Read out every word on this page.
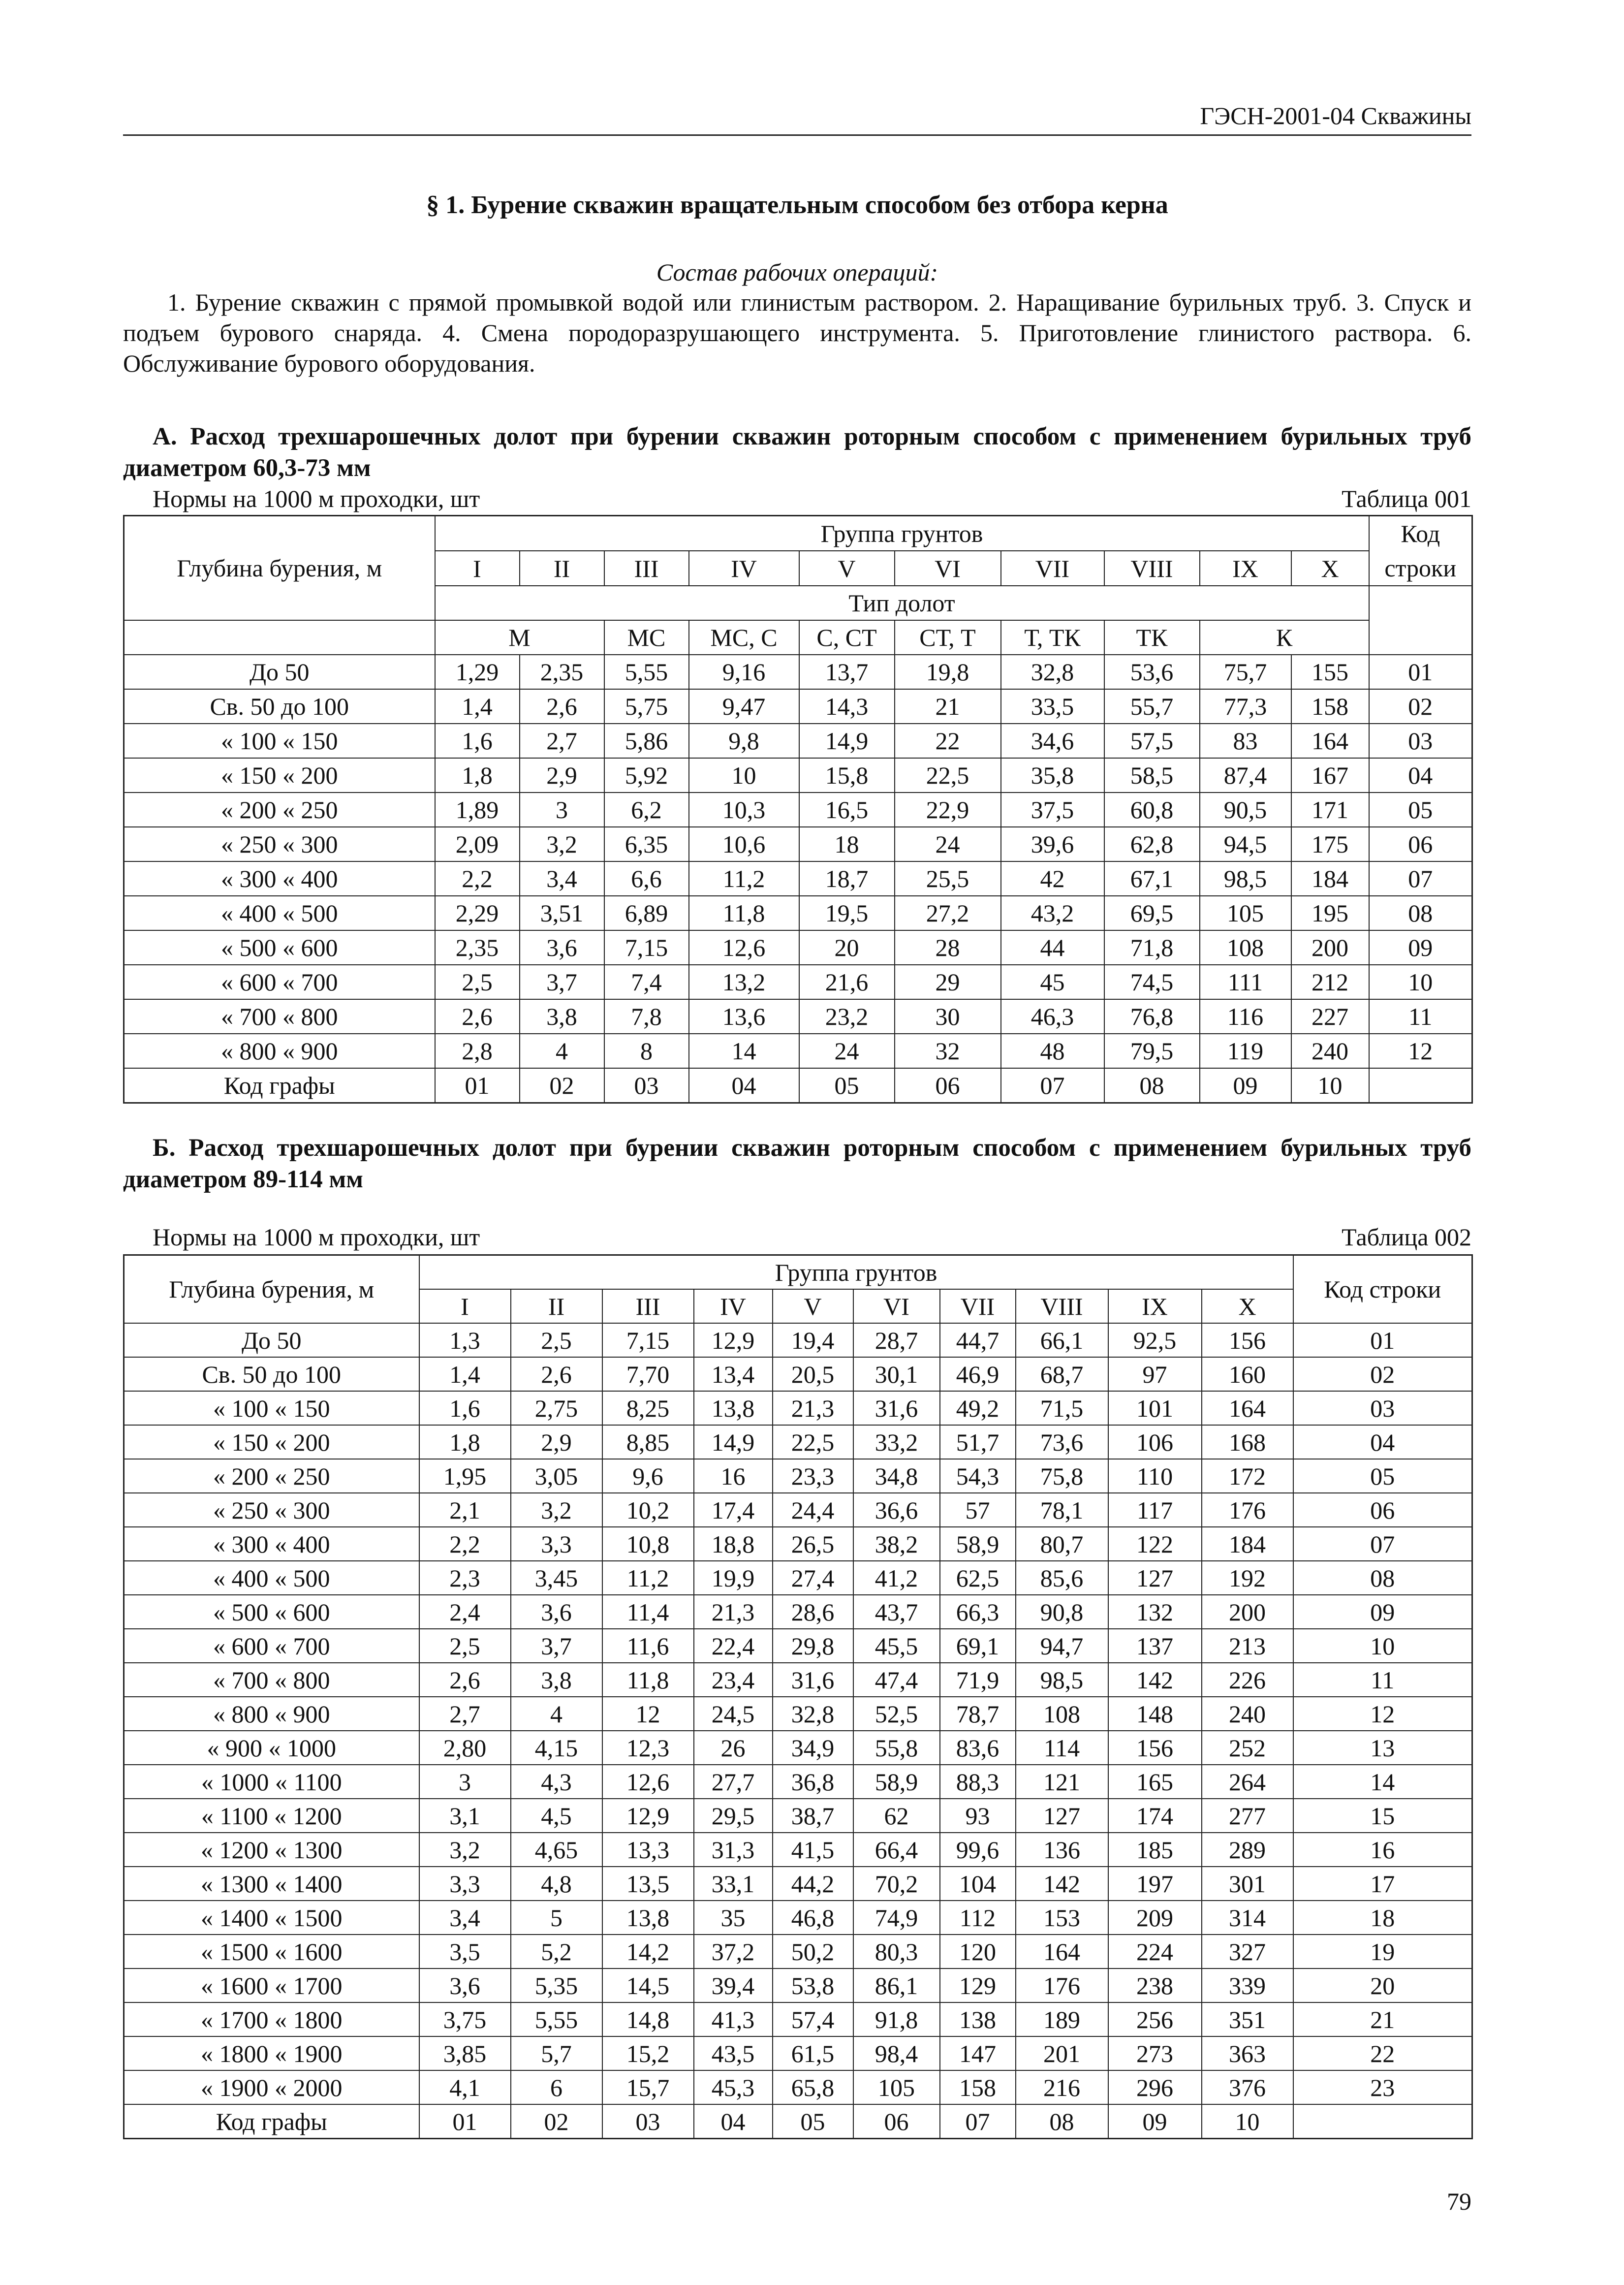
ГЭСН-2001-04 Скважины
§ 1. Бурение скважин вращательным способом без отбора керна
Состав рабочих операций:
1. Бурение скважин с прямой промывкой водой или глинистым раствором. 2. Наращивание бурильных труб. 3. Спуск и подъем бурового снаряда. 4. Смена породоразрушающего инструмента. 5. Приготовление глинистого раствора. 6. Обслуживание бурового оборудования.
А. Расход трехшарошечных долот при бурении скважин роторным способом с применением бурильных труб диаметром 60,3-73 мм
Нормы на 1000 м проходки, шт	Таблица 001
Глубина бурения, м	Группа грунтов										Код строки
	I	II	III	IV	V	VI	VII	VIII	IX	X	
	Тип долот										
	М		МС	МС, С	С, СТ	СТ, Т	Т, ТК	ТК	К		
До 50	1,29	2,35	5,55	9,16	13,7	19,8	32,8	53,6	75,7	155	01
Св. 50 до 100	1,4	2,6	5,75	9,47	14,3	21	33,5	55,7	77,3	158	02
« 100 « 150	1,6	2,7	5,86	9,8	14,9	22	34,6	57,5	83	164	03
« 150 « 200	1,8	2,9	5,92	10	15,8	22,5	35,8	58,5	87,4	167	04
« 200 « 250	1,89	3	6,2	10,3	16,5	22,9	37,5	60,8	90,5	171	05
« 250 « 300	2,09	3,2	6,35	10,6	18	24	39,6	62,8	94,5	175	06
« 300 « 400	2,2	3,4	6,6	11,2	18,7	25,5	42	67,1	98,5	184	07
« 400 « 500	2,29	3,51	6,89	11,8	19,5	27,2	43,2	69,5	105	195	08
« 500 « 600	2,35	3,6	7,15	12,6	20	28	44	71,8	108	200	09
« 600 « 700	2,5	3,7	7,4	13,2	21,6	29	45	74,5	111	212	10
« 700 « 800	2,6	3,8	7,8	13,6	23,2	30	46,3	76,8	116	227	11
« 800 « 900	2,8	4	8	14	24	32	48	79,5	119	240	12
Код графы	01	02	03	04	05	06	07	08	09	10	
Б. Расход трехшарошечных долот при бурении скважин роторным способом с применением бурильных труб диаметром 89-114 мм
Нормы на 1000 м проходки, шт	Таблица 002
Глубина бурения, м	Группа грунтов										Код строки
	I	II	III	IV	V	VI	VII	VIII	IX	X	
До 50	1,3	2,5	7,15	12,9	19,4	28,7	44,7	66,1	92,5	156	01
Св. 50 до 100	1,4	2,6	7,70	13,4	20,5	30,1	46,9	68,7	97	160	02
« 100 « 150	1,6	2,75	8,25	13,8	21,3	31,6	49,2	71,5	101	164	03
« 150 « 200	1,8	2,9	8,85	14,9	22,5	33,2	51,7	73,6	106	168	04
« 200 « 250	1,95	3,05	9,6	16	23,3	34,8	54,3	75,8	110	172	05
« 250 « 300	2,1	3,2	10,2	17,4	24,4	36,6	57	78,1	117	176	06
« 300 « 400	2,2	3,3	10,8	18,8	26,5	38,2	58,9	80,7	122	184	07
« 400 « 500	2,3	3,45	11,2	19,9	27,4	41,2	62,5	85,6	127	192	08
« 500 « 600	2,4	3,6	11,4	21,3	28,6	43,7	66,3	90,8	132	200	09
« 600 « 700	2,5	3,7	11,6	22,4	29,8	45,5	69,1	94,7	137	213	10
« 700 « 800	2,6	3,8	11,8	23,4	31,6	47,4	71,9	98,5	142	226	11
« 800 « 900	2,7	4	12	24,5	32,8	52,5	78,7	108	148	240	12
« 900 « 1000	2,80	4,15	12,3	26	34,9	55,8	83,6	114	156	252	13
« 1000 « 1100	3	4,3	12,6	27,7	36,8	58,9	88,3	121	165	264	14
« 1100 « 1200	3,1	4,5	12,9	29,5	38,7	62	93	127	174	277	15
« 1200 « 1300	3,2	4,65	13,3	31,3	41,5	66,4	99,6	136	185	289	16
« 1300 « 1400	3,3	4,8	13,5	33,1	44,2	70,2	104	142	197	301	17
« 1400 « 1500	3,4	5	13,8	35	46,8	74,9	112	153	209	314	18
« 1500 « 1600	3,5	5,2	14,2	37,2	50,2	80,3	120	164	224	327	19
« 1600 « 1700	3,6	5,35	14,5	39,4	53,8	86,1	129	176	238	339	20
« 1700 « 1800	3,75	5,55	14,8	41,3	57,4	91,8	138	189	256	351	21
« 1800 « 1900	3,85	5,7	15,2	43,5	61,5	98,4	147	201	273	363	22
« 1900 « 2000	4,1	6	15,7	45,3	65,8	105	158	216	296	376	23
Код графы	01	02	03	04	05	06	07	08	09	10	
79
